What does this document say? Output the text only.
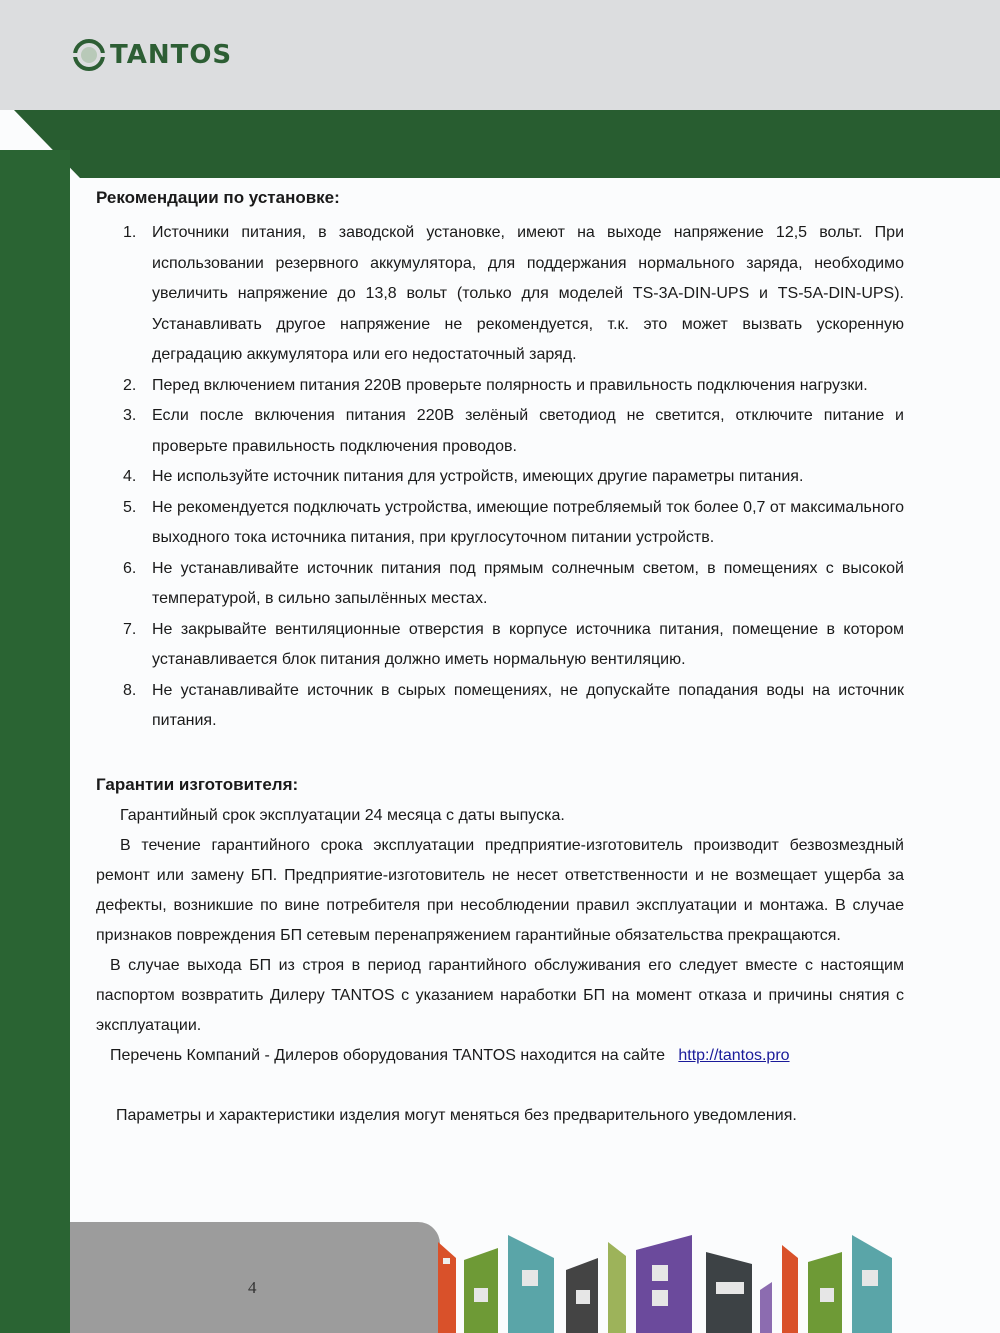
TANTOS

Рекомендации по установке:

1. Источники питания, в заводской установке, имеют на выходе напряжение 12,5 вольт. При использовании резервного аккумулятора, для поддержания нормального заряда, необходимо увеличить напряжение до 13,8 вольт (только для моделей TS-3A-DIN-UPS и TS-5A-DIN-UPS). Устанавливать другое напряжение не рекомендуется, т.к. это может вызвать ускоренную деградацию аккумулятора или его недостаточный заряд.
2. Перед включением питания 220В проверьте полярность и правильность подключения нагрузки.
3. Если после включения питания 220В зелёный светодиод не светится, отключите питание и проверьте правильность подключения проводов.
4. Не используйте источник питания для устройств, имеющих другие параметры питания.
5. Не рекомендуется подключать устройства, имеющие потребляемый ток более 0,7 от максимального выходного тока источника питания, при круглосуточном питании устройств.
6. Не устанавливайте источник питания под прямым солнечным светом, в помещениях с высокой температурой, в сильно запылённых местах.
7. Не закрывайте вентиляционные отверстия в корпусе источника питания, помещение в котором устанавливается блок питания должно иметь нормальную вентиляцию.
8. Не устанавливайте источник в сырых помещениях, не допускайте попадания воды на источник питания.

Гарантии изготовителя:

Гарантийный срок эксплуатации 24 месяца с даты выпуска.

В течение гарантийного срока эксплуатации предприятие-изготовитель производит безвозмездный ремонт или замену БП. Предприятие-изготовитель не несет ответственности и не возмещает ущерба за дефекты, возникшие по вине потребителя при несоблюдении правил эксплуатации и монтажа. В случае признаков повреждения БП сетевым перенапряжением гарантийные обязательства прекращаются.

В случае выхода БП из строя в период гарантийного обслуживания его следует вместе с настоящим паспортом возвратить Дилеру TANTOS с указанием наработки БП на момент отказа и причины снятия с эксплуатации.

Перечень Компаний - Дилеров оборудования TANTOS находится на сайте http://tantos.pro

Параметры и характеристики изделия могут меняться без предварительного уведомления.

4
